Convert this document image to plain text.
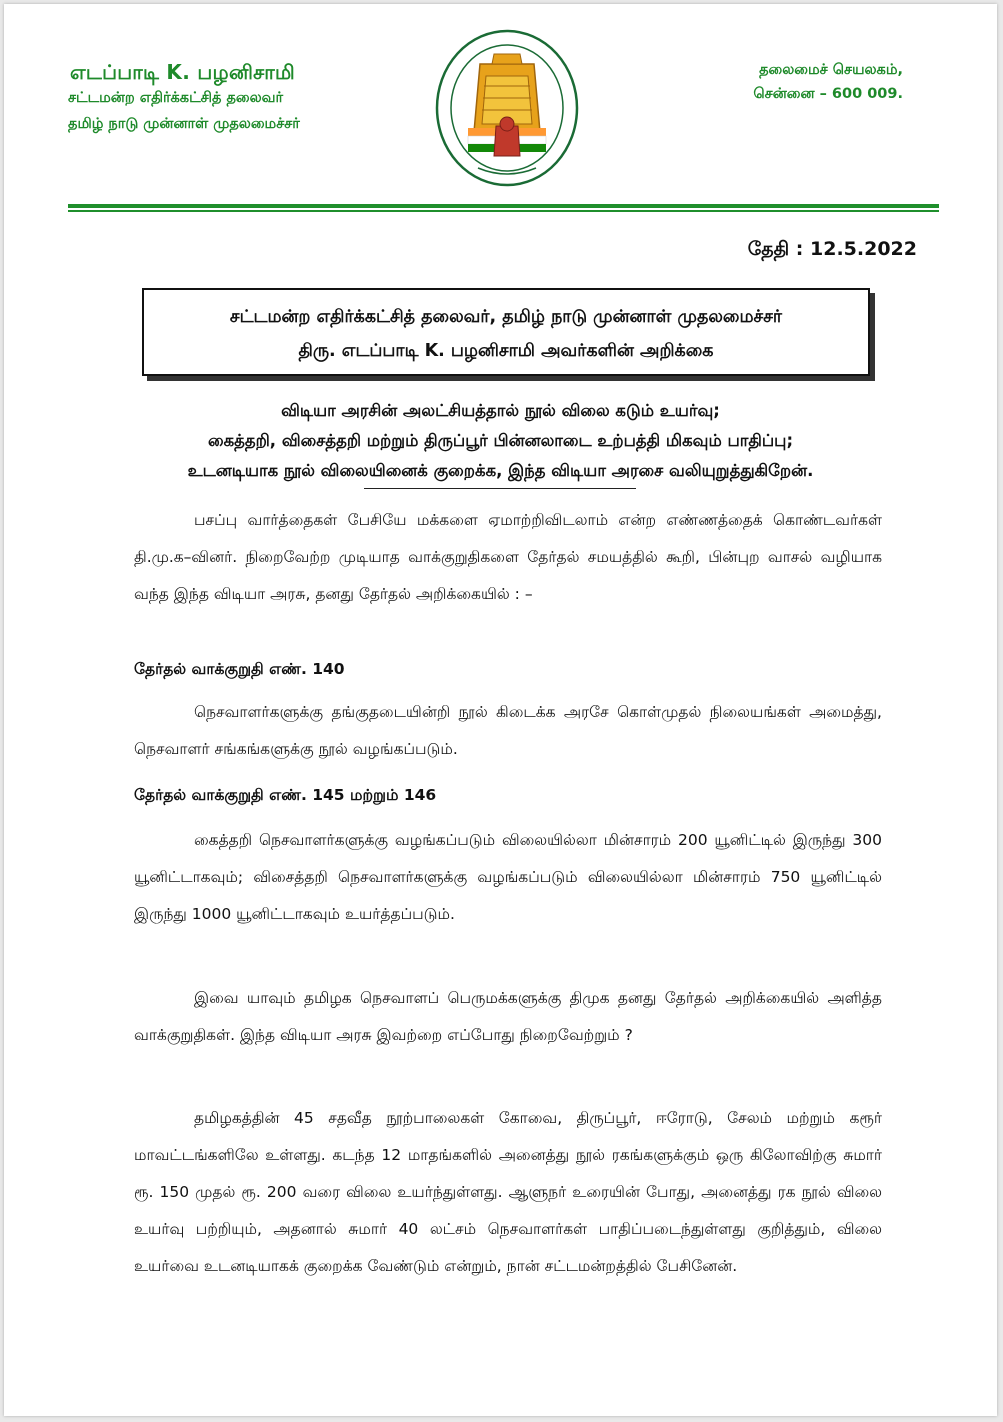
எடப்பாடி K. பழனிசாமி
சட்டமன்ற எதிர்க்கட்சித் தலைவர்
தமிழ் நாடு முன்னாள் முதலமைச்சர்
தலைமைச் செயலகம்,
சென்னை – 600 009.
தேதி : 12.5.2022
சட்டமன்ற எதிர்க்கட்சித் தலைவர், தமிழ் நாடு முன்னாள் முதலமைச்சர்
திரு. எடப்பாடி K. பழனிசாமி அவர்களின் அறிக்கை
விடியா அரசின் அலட்சியத்தால் நூல் விலை கடும் உயர்வு;
கைத்தறி, விசைத்தறி மற்றும் திருப்பூர் பின்னலாடை உற்பத்தி மிகவும் பாதிப்பு;
உடனடியாக நூல் விலையினைக் குறைக்க, இந்த விடியா அரசை வலியுறுத்துகிறேன்.
பசப்பு வார்த்தைகள் பேசியே மக்களை ஏமாற்றிவிடலாம் என்ற எண்ணத்தைக் கொண்டவர்கள் தி.மு.க–வினர். நிறைவேற்ற முடியாத வாக்குறுதிகளை தேர்தல் சமயத்தில் கூறி, பின்புற வாசல் வழியாக வந்த இந்த விடியா அரசு, தனது தேர்தல் அறிக்கையில் : –
தேர்தல் வாக்குறுதி எண். 140
நெசவாளர்களுக்கு தங்குதடையின்றி நூல் கிடைக்க அரசே கொள்முதல் நிலையங்கள் அமைத்து, நெசவாளர் சங்கங்களுக்கு நூல் வழங்கப்படும்.
தேர்தல் வாக்குறுதி எண். 145 மற்றும் 146
கைத்தறி நெசவாளர்களுக்கு வழங்கப்படும் விலையில்லா மின்சாரம் 200 யூனிட்டில் இருந்து 300 யூனிட்டாகவும்; விசைத்தறி நெசவாளர்களுக்கு வழங்கப்படும் விலையில்லா மின்சாரம் 750 யூனிட்டில் இருந்து 1000 யூனிட்டாகவும் உயர்த்தப்படும்.
இவை யாவும் தமிழக நெசவாளப் பெருமக்களுக்கு திமுக தனது தேர்தல் அறிக்கையில் அளித்த வாக்குறுதிகள். இந்த விடியா அரசு இவற்றை எப்போது நிறைவேற்றும் ?
தமிழகத்தின் 45 சதவீத நூற்பாலைகள் கோவை, திருப்பூர், ஈரோடு, சேலம் மற்றும் கரூர் மாவட்டங்களிலே உள்ளது. கடந்த 12 மாதங்களில் அனைத்து நூல் ரகங்களுக்கும் ஒரு கிலோவிற்கு சுமார் ரூ. 150 முதல் ரூ. 200 வரை விலை உயர்ந்துள்ளது. ஆளுநர் உரையின் போது, அனைத்து ரக நூல் விலை உயர்வு பற்றியும், அதனால் சுமார் 40 லட்சம் நெசவாளர்கள் பாதிப்படைந்துள்ளது குறித்தும், விலை உயர்வை உடனடியாகக் குறைக்க வேண்டும் என்றும், நான் சட்டமன்றத்தில் பேசினேன்.
